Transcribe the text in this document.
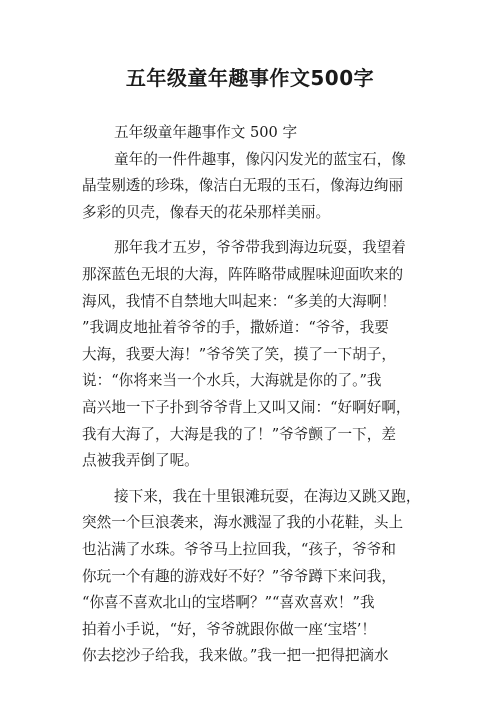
五年级童年趣事作文500字
五年级童年趣事作文 500 字
童年的一件件趣事，像闪闪发光的蓝宝石，像
晶莹剔透的珍珠，像洁白无瑕的玉石，像海边绚丽
多彩的贝壳，像春天的花朵那样美丽。
那年我才五岁，爷爷带我到海边玩耍，我望着
那深蓝色无垠的大海，阵阵略带咸腥味迎面吹来的
海风，我情不自禁地大叫起来：“多美的大海啊！
”我调皮地扯着爷爷的手，撒娇道：“爷爷，我要
大海，我要大海！”爷爷笑了笑，摸了一下胡子，
说：“你将来当一个水兵，大海就是你的了。”我
高兴地一下子扑到爷爷背上又叫又闹：“好啊好啊，
我有大海了，大海是我的了！”爷爷颤了一下，差
点被我弄倒了呢。
接下来，我在十里银滩玩耍，在海边又跳又跑，
突然一个巨浪袭来，海水溅湿了我的小花鞋，头上
也沾满了水珠。爷爷马上拉回我，“孩子，爷爷和
你玩一个有趣的游戏好不好？”爷爷蹲下来问我，
“你喜不喜欢北山的宝塔啊？”“喜欢喜欢！”我
拍着小手说，“好，爷爷就跟你做一座‘宝塔’！
你去挖沙子给我，我来做。”我一把一把得把滴水
